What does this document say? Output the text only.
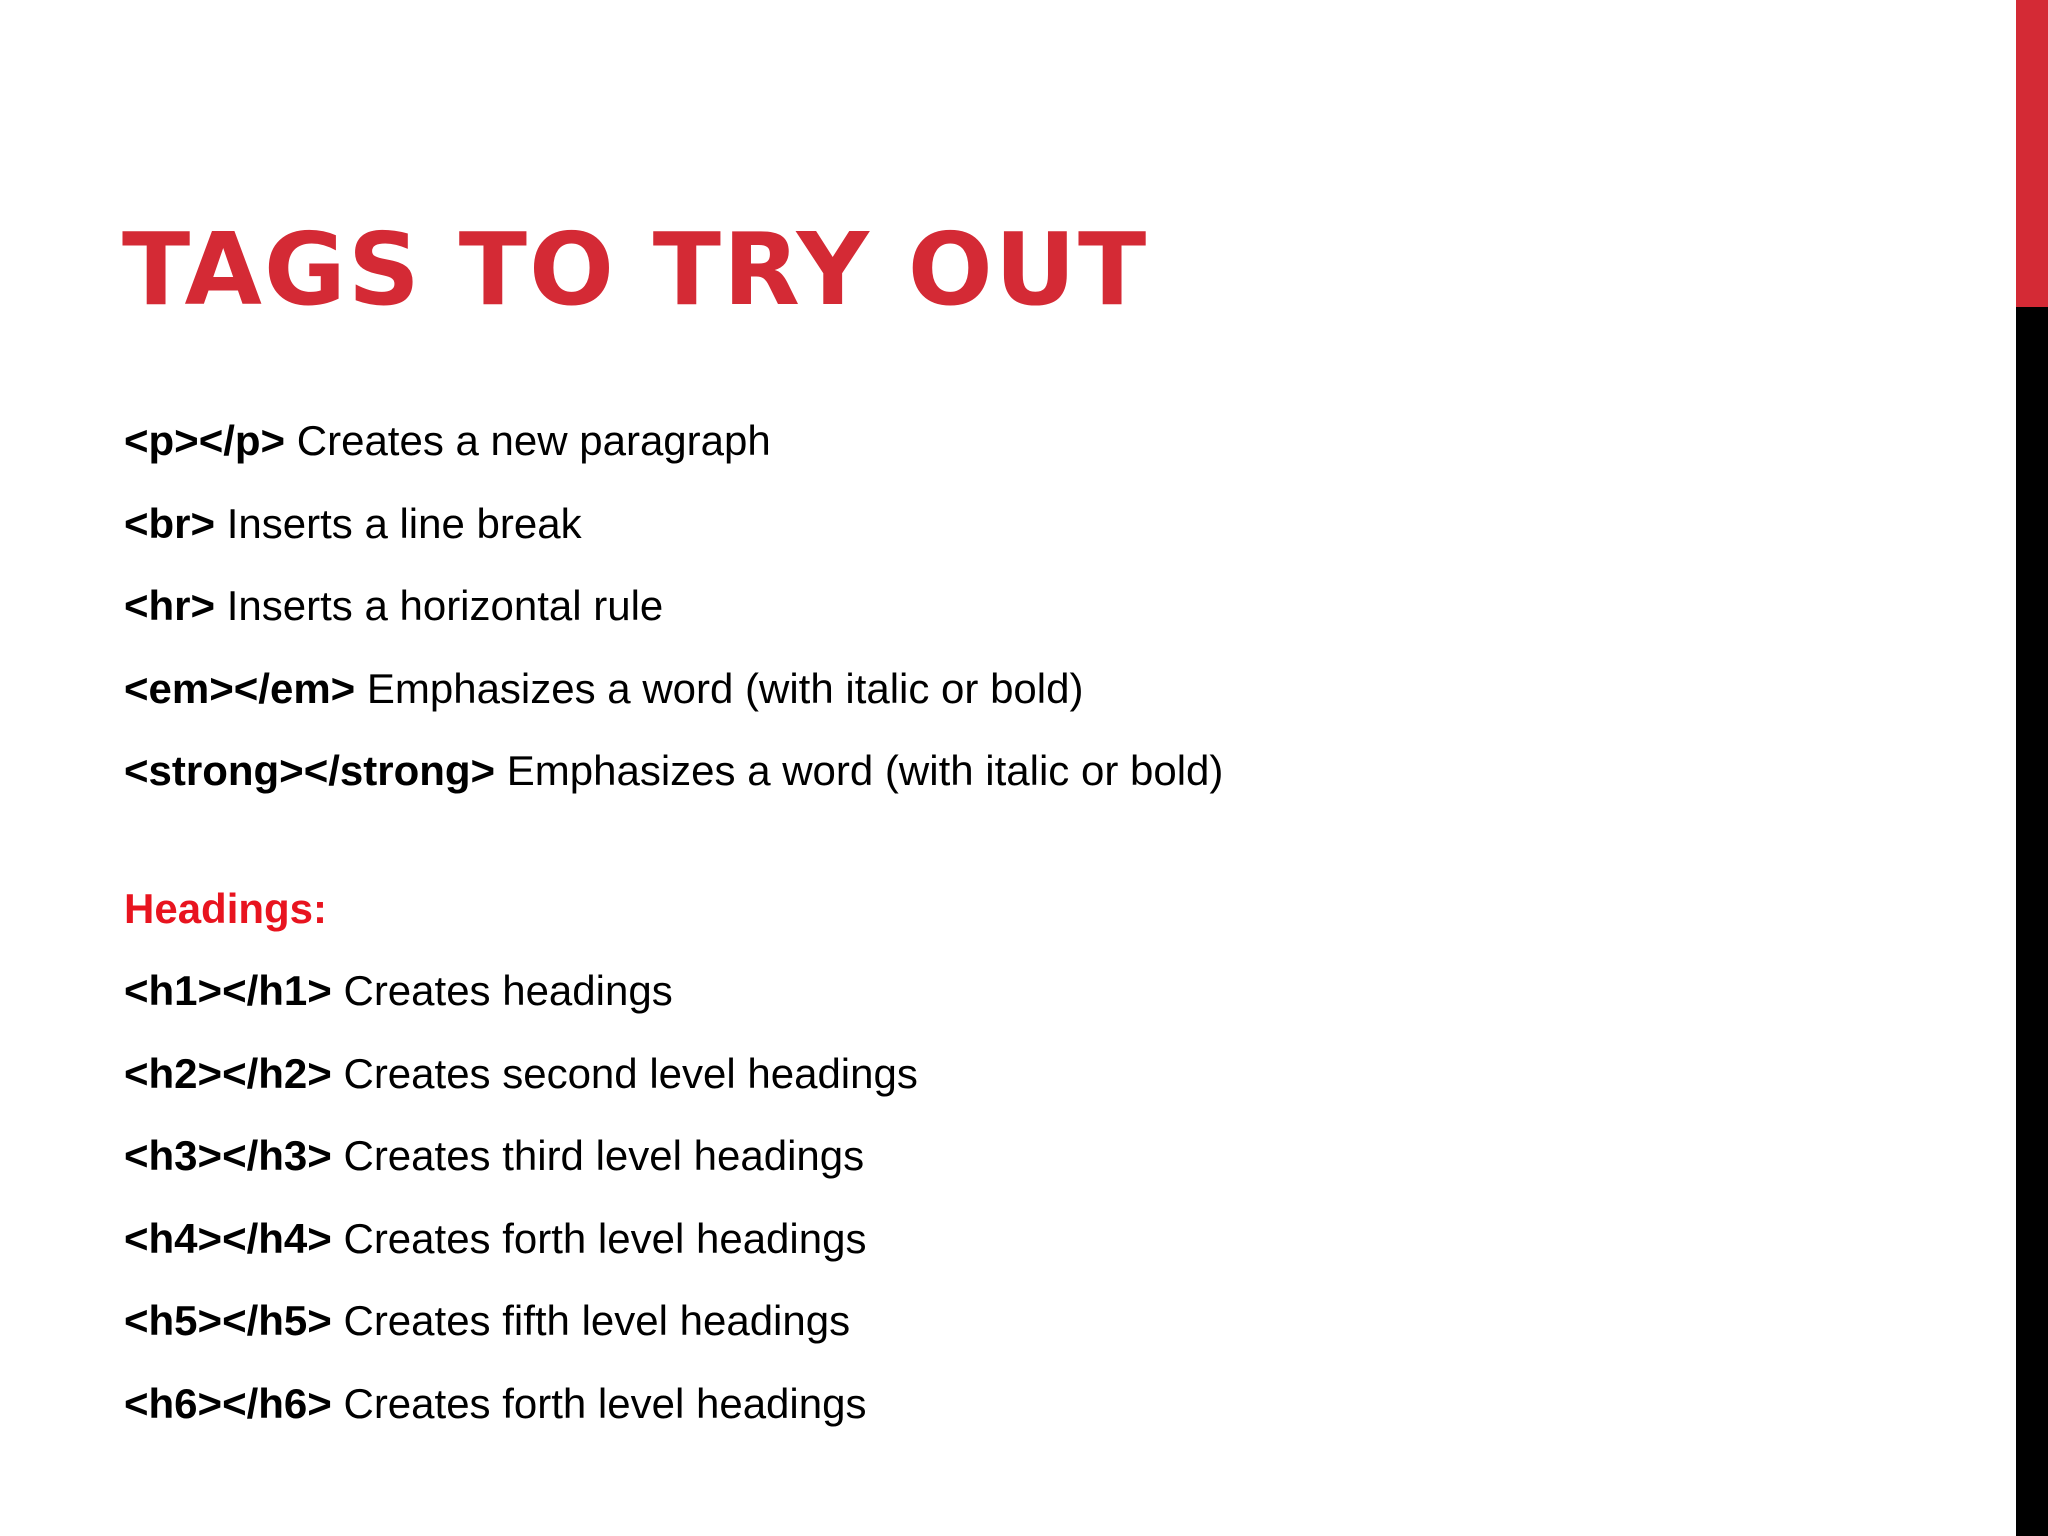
TAGS TO TRY OUT
<p></p> Creates a new paragraph
<br> Inserts a line break
<hr> Inserts a horizontal rule
<em></em> Emphasizes a word (with italic or bold)
<strong></strong> Emphasizes a word (with italic or bold)
Headings:
<h1></h1> Creates headings
<h2></h2> Creates second level headings
<h3></h3> Creates third level headings
<h4></h4> Creates forth level headings
<h5></h5> Creates fifth level headings
<h6></h6> Creates forth level headings
